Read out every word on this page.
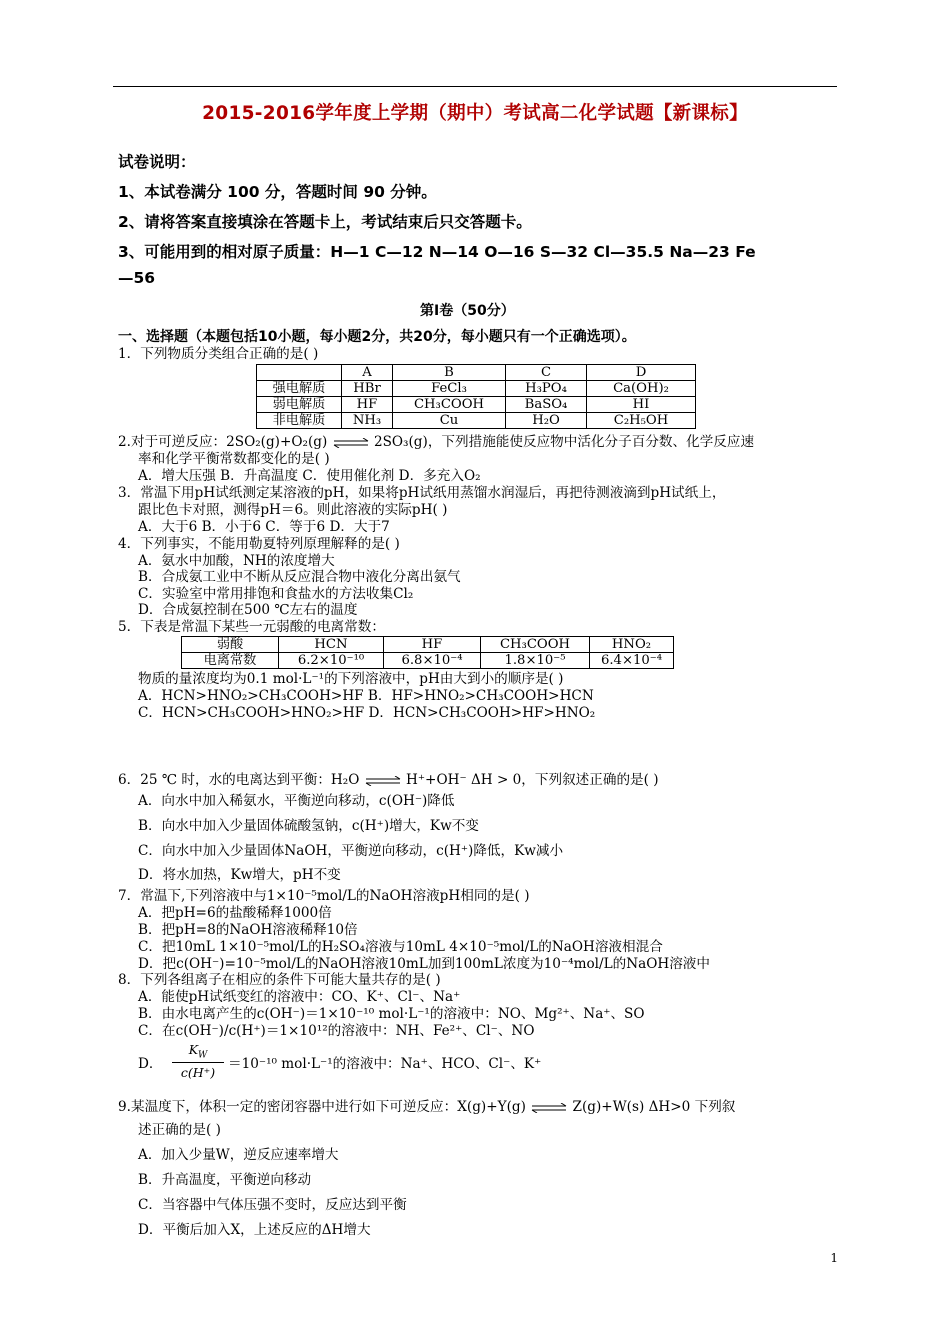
2015-2016学年度上学期（期中）考试高二化学试题【新课标】
试卷说明：
1、本试卷满分 100 分，答题时间 90 分钟。
2、请将答案直接填涂在答题卡上，考试结束后只交答题卡。
3、可能用到的相对原子质量：H—1 C—12 N—14 O—16 S—32 Cl—35.5 Na—23 Fe
—56
第Ⅰ卷（50分）
一、选择题（本题包括10小题，每小题2分，共20分，每小题只有一个正确选项）。
1．下列物质分类组合正确的是( )
	A	B	C	D
强电解质	HBr	FeCl₃	H₃PO₄	Ca(OH)₂
弱电解质	HF	CH₃COOH	BaSO₄	HI
非电解质	NH₃	Cu	H₂O	C₂H₅OH
2.对于可逆反应：2SO₂(g)+O₂(g) ⇌ 2SO₃(g)，下列措施能使反应物中活化分子百分数、化学反应速
率和化学平衡常数都变化的是( )
A．增大压强 B．升高温度 C．使用催化剂 D．多充入O₂
3．常温下用pH试纸测定某溶液的pH，如果将pH试纸用蒸馏水润湿后，再把待测液滴到pH试纸上，
跟比色卡对照，测得pH＝6。则此溶液的实际pH( )
A．大于6 B．小于6 C．等于6 D．大于7
4．下列事实，不能用勒夏特列原理解释的是( )
A．氨水中加酸，NH的浓度增大
B．合成氨工业中不断从反应混合物中液化分离出氨气
C．实验室中常用排饱和食盐水的方法收集Cl₂
D．合成氨控制在500 ℃左右的温度
5．下表是常温下某些一元弱酸的电离常数：
弱酸	HCN	HF	CH₃COOH	HNO₂
电离常数	6.2×10⁻¹⁰	6.8×10⁻⁴	1.8×10⁻⁵	6.4×10⁻⁴
物质的量浓度均为0.1 mol·L⁻¹的下列溶液中，pH由大到小的顺序是( )
A．HCN>HNO₂>CH₃COOH>HF B．HF>HNO₂>CH₃COOH>HCN
C．HCN>CH₃COOH>HNO₂>HF D．HCN>CH₃COOH>HF>HNO₂
6．25 ℃ 时，水的电离达到平衡：H₂O ⇌ H⁺+OH⁻ ΔH > 0，下列叙述正确的是( )
A．向水中加入稀氨水，平衡逆向移动，c(OH⁻)降低
B．向水中加入少量固体硫酸氢钠，c(H⁺)增大，Kw不变
C．向水中加入少量固体NaOH，平衡逆向移动，c(H⁺)降低，Kw减小
D．将水加热，Kw增大，pH不变
7．常温下,下列溶液中与1×10⁻⁵mol/L的NaOH溶液pH相同的是( )
A．把pH=6的盐酸稀释1000倍
B．把pH=8的NaOH溶液稀释10倍
C．把10mL 1×10⁻⁵mol/L的H₂SO₄溶液与10mL 4×10⁻⁵mol/L的NaOH溶液相混合
D．把c(OH⁻)=10⁻⁵mol/L的NaOH溶液10mL加到100mL浓度为10⁻⁴mol/L的NaOH溶液中
8．下列各组离子在相应的条件下可能大量共存的是( )
A．能使pH试纸变红的溶液中：CO、K⁺、Cl⁻、Na⁺
B．由水电离产生的c(OH⁻)＝1×10⁻¹⁰ mol·L⁻¹的溶液中：NO、Mg²⁺、Na⁺、SO
C．在c(OH⁻)/c(H⁺)＝1×10¹²的溶液中：NH、Fe²⁺、Cl⁻、NO
D．
$K_W$
c(H⁺)
＝10⁻¹⁰ mol·L⁻¹的溶液中：Na⁺、HCO、Cl⁻、K⁺
9.某温度下，体积一定的密闭容器中进行如下可逆反应：X(g)+Y(g) ⇌ Z(g)+W(s) ΔH>0 下列叙
述正确的是( )
A．加入少量W，逆反应速率增大
B．升高温度，平衡逆向移动
C．当容器中气体压强不变时，反应达到平衡
D．平衡后加入X，上述反应的ΔH增大
1
